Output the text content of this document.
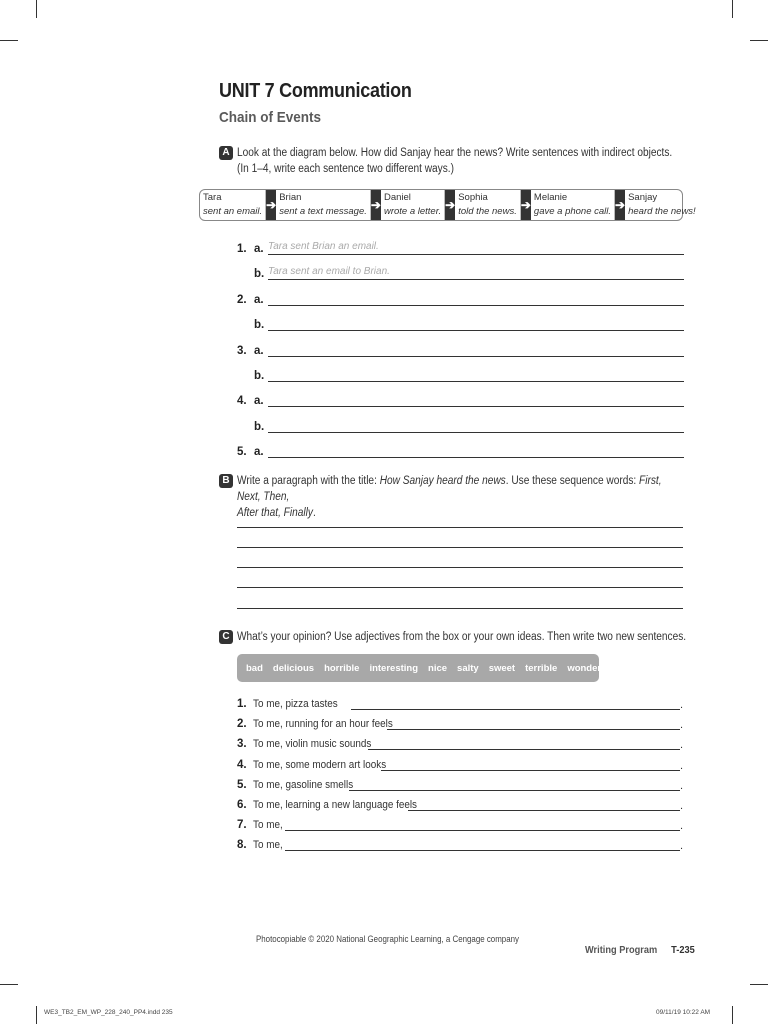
UNIT 7 Communication
Chain of Events
A Look at the diagram below. How did Sanjay hear the news? Write sentences with indirect objects.
(In 1–4, write each sentence two different ways.)
Tara
sent an email. ➔
Brian
sent a text message. ➔
Daniel
wrote a letter. ➔
Sophia
told the news. ➔
Melanie
gave a phone call. ➔
Sanjay
heard the news!
1. a. Tara sent Brian an email.
b. Tara sent an email to Brian.
2. a.
b.
3. a.
b.
4. a.
b.
5. a.
B Write a paragraph with the title: How Sanjay heard the news. Use these sequence words: First, Next, Then,
After that, Finally.
C What’s your opinion? Use adjectives from the box or your own ideas. Then write two new sentences.
bad delicious horrible interesting nice salty sweet terrible wonderful
1. To me, pizza tastes	.
2. To me, running for an hour feels	.
3. To me, violin music sounds	.
4. To me, some modern art looks	.
5. To me, gasoline smells	.
6. To me, learning a new language feels	.
7. To me,	.
8. To me,	.
Photocopiable © 2020 National Geographic Learning, a Cengage company
Writing Program T-235
WE3_TB2_EM_WP_228_240_PP4.indd 235	09/11/19 10:22 AM
